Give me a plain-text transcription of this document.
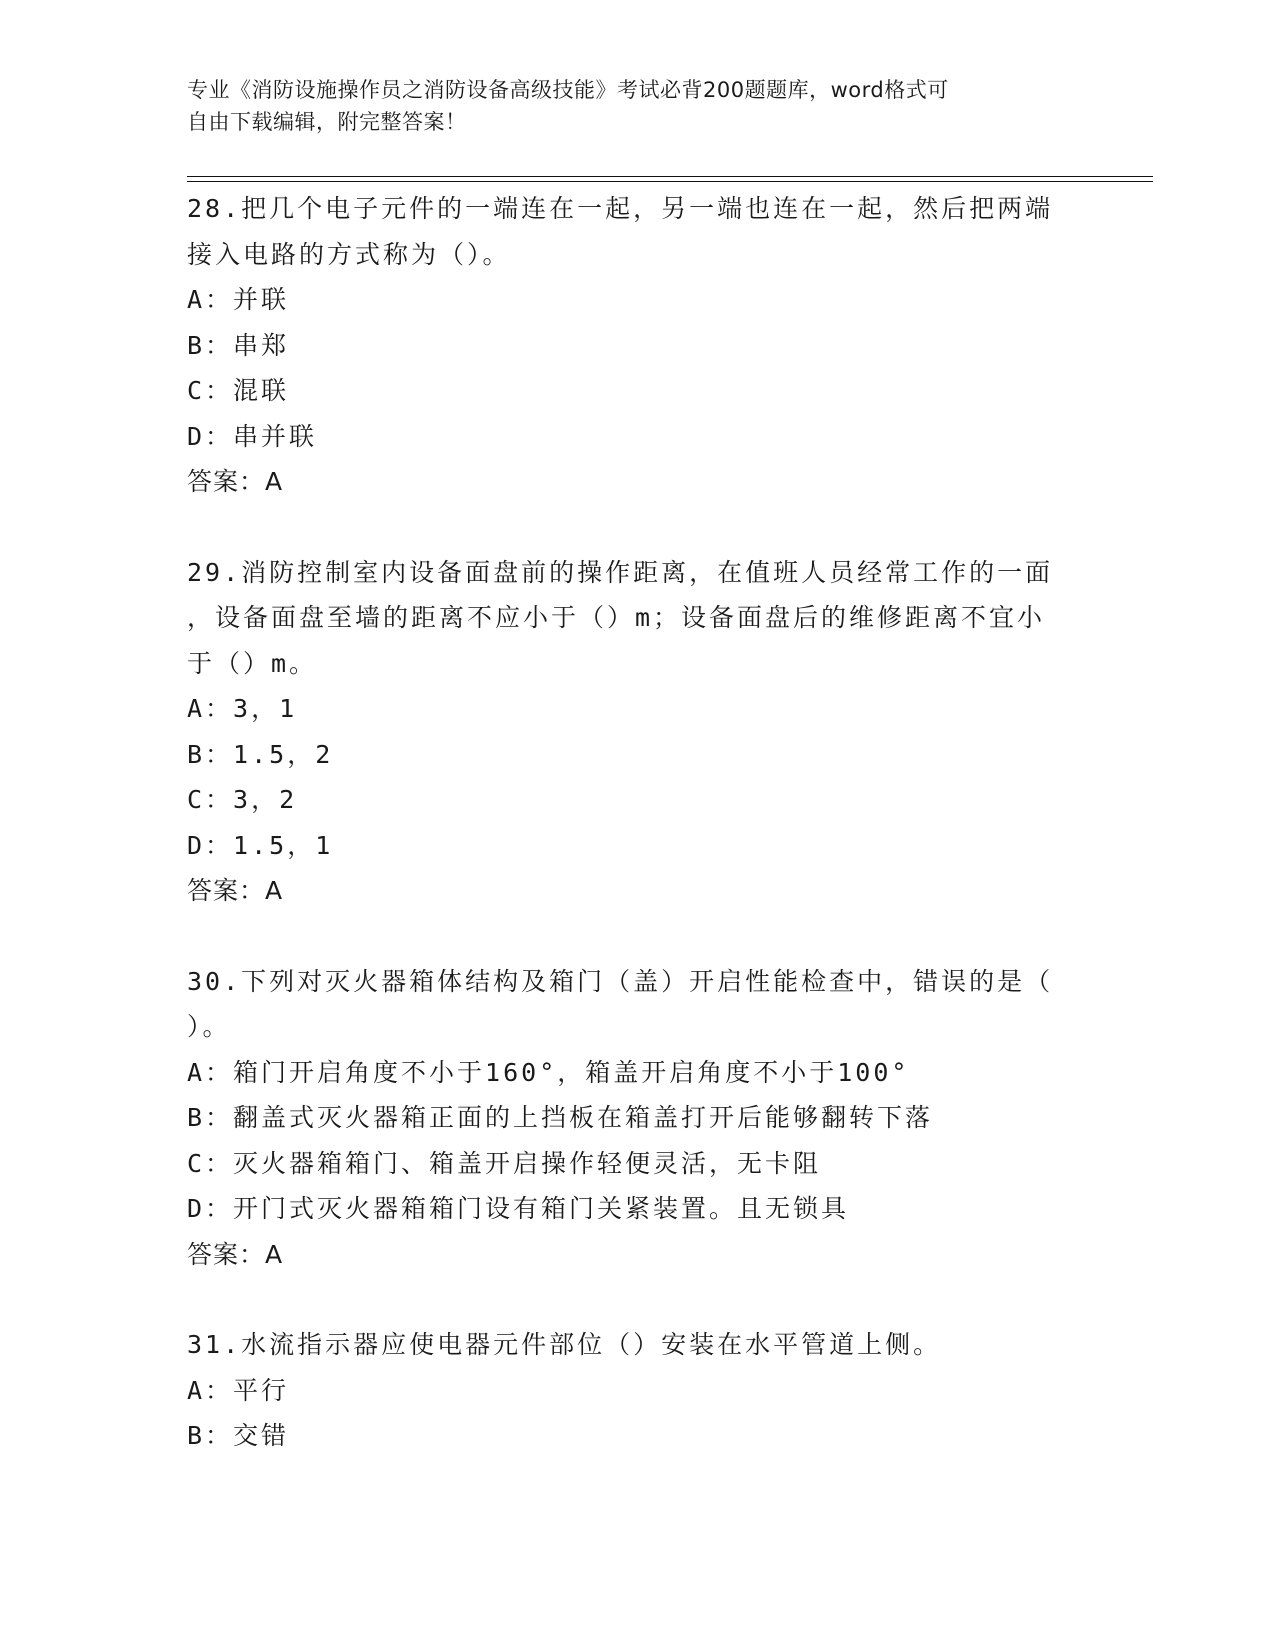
专业《消防设施操作员之消防设备高级技能》考试必背200题题库，word格式可
自由下载编辑，附完整答案！
28.把几个电子元件的一端连在一起，另一端也连在一起，然后把两端
接入电路的方式称为（）。
A：并联
B：串郑
C：混联
D：串并联
答案：A
29.消防控制室内设备面盘前的操作距离，在值班人员经常工作的一面
，设备面盘至墙的距离不应小于（）m；设备面盘后的维修距离不宜小
于（）m。
A：3，1
B：1.5，2
C：3，2
D：1.5，1
答案：A
30.下列对灭火器箱体结构及箱门（盖）开启性能检查中，错误的是（
）。
A：箱门开启角度不小于160°，箱盖开启角度不小于100°
B：翻盖式灭火器箱正面的上挡板在箱盖打开后能够翻转下落
C：灭火器箱箱门、箱盖开启操作轻便灵活，无卡阻
D：开门式灭火器箱箱门设有箱门关紧装置。且无锁具
答案：A
31.水流指示器应使电器元件部位（）安装在水平管道上侧。
A：平行
B：交错
